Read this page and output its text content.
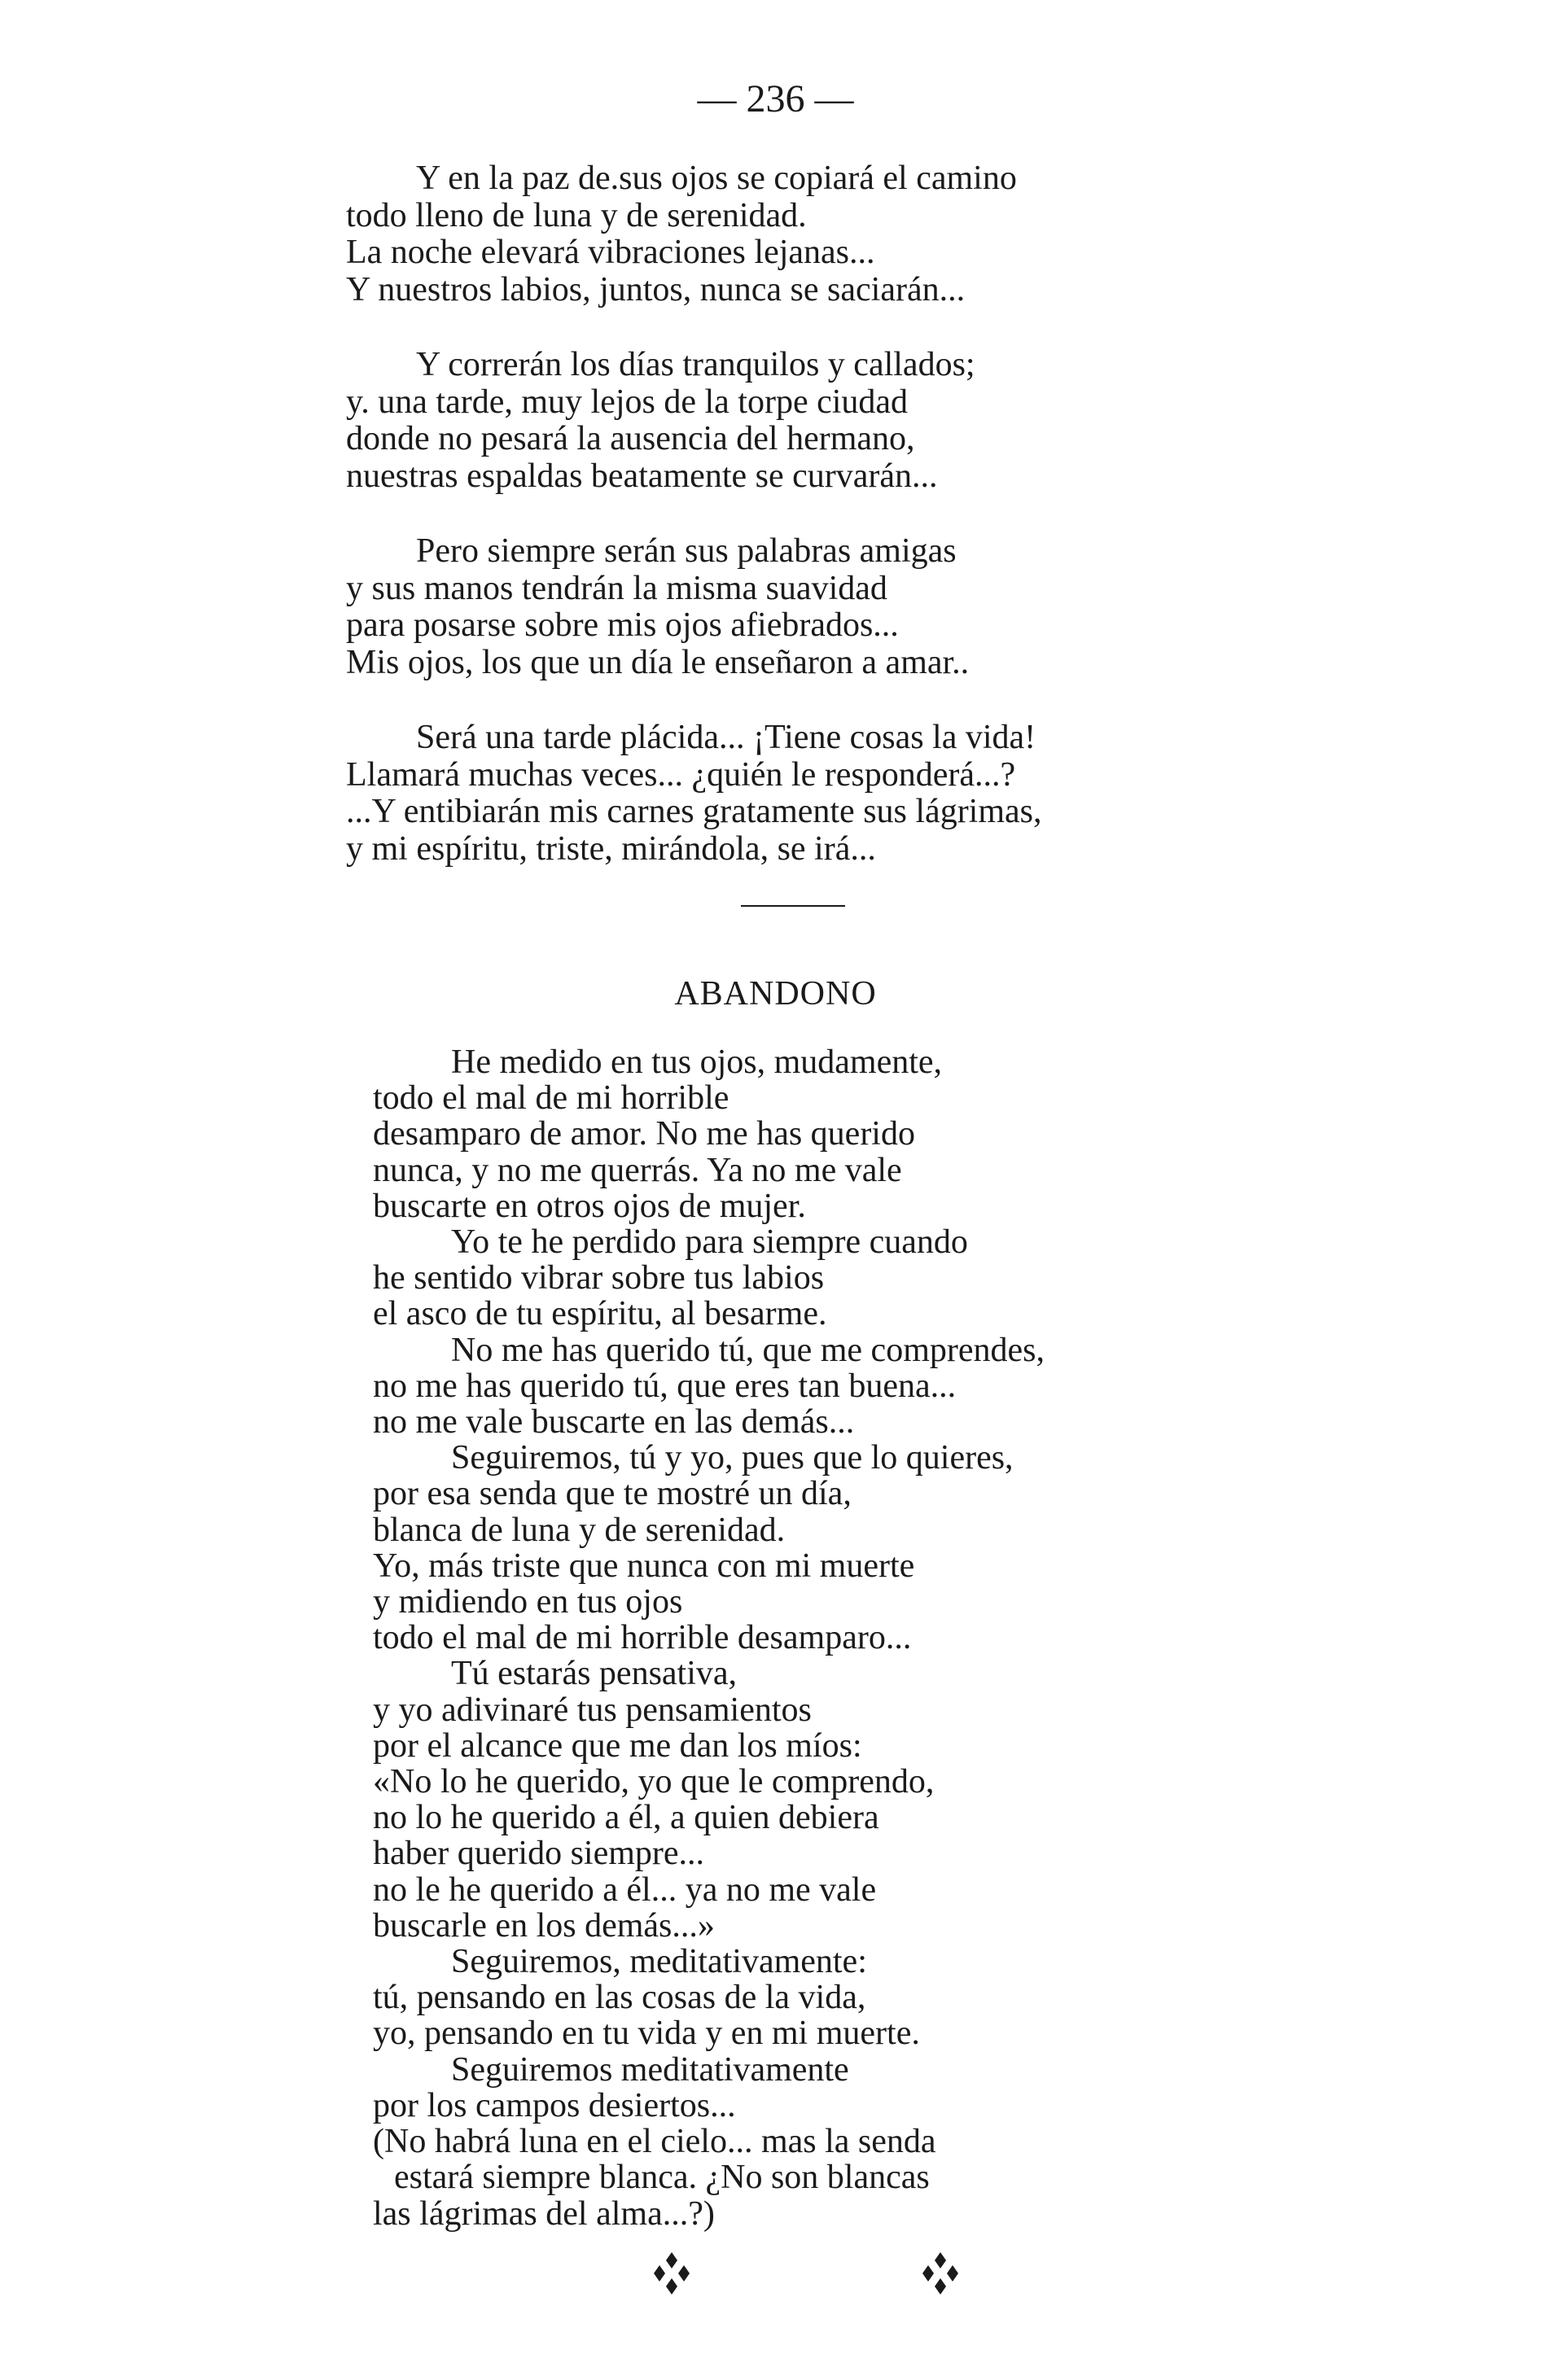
— 236 —
Y en la paz de.sus ojos se copiará el camino
todo lleno de luna y de serenidad.
La noche elevará vibraciones lejanas...
Y nuestros labios, juntos, nunca se saciarán...
Y correrán los días tranquilos y callados;
y. una tarde, muy lejos de la torpe ciudad
donde no pesará la ausencia del hermano,
nuestras espaldas beatamente se curvarán...
Pero siempre serán sus palabras amigas
y sus manos tendrán la misma suavidad
para posarse sobre mis ojos afiebrados...
Mis ojos, los que un día le enseñaron a amar..
Será una tarde plácida... ¡Tiene cosas la vida!
Llamará muchas veces... ¿quién le responderá...?
...Y entibiarán mis carnes gratamente sus lágrimas,
y mi espíritu, triste, mirándola, se irá...
ABANDONO
He medido en tus ojos, mudamente,
todo el mal de mi horrible
desamparo de amor. No me has querido
nunca, y no me querrás. Ya no me vale
buscarte en otros ojos de mujer.
Yo te he perdido para siempre cuando
he sentido vibrar sobre tus labios
el asco de tu espíritu, al besarme.
No me has querido tú, que me comprendes,
no me has querido tú, que eres tan buena...
no me vale buscarte en las demás...
Seguiremos, tú y yo, pues que lo quieres,
por esa senda que te mostré un día,
blanca de luna y de serenidad.
Yo, más triste que nunca con mi muerte
y midiendo en tus ojos
todo el mal de mi horrible desamparo...
Tú estarás pensativa,
y yo adivinaré tus pensamientos
por el alcance que me dan los míos:
«No lo he querido, yo que le comprendo,
no lo he querido a él, a quien debiera
haber querido siempre...
no le he querido a él... ya no me vale
buscarle en los demás...»
Seguiremos, meditativamente:
tú, pensando en las cosas de la vida,
yo, pensando en tu vida y en mi muerte.
Seguiremos meditativamente
por los campos desiertos...
(No habrá luna en el cielo... mas la senda
estará siempre blanca. ¿No son blancas
las lágrimas del alma...?)
